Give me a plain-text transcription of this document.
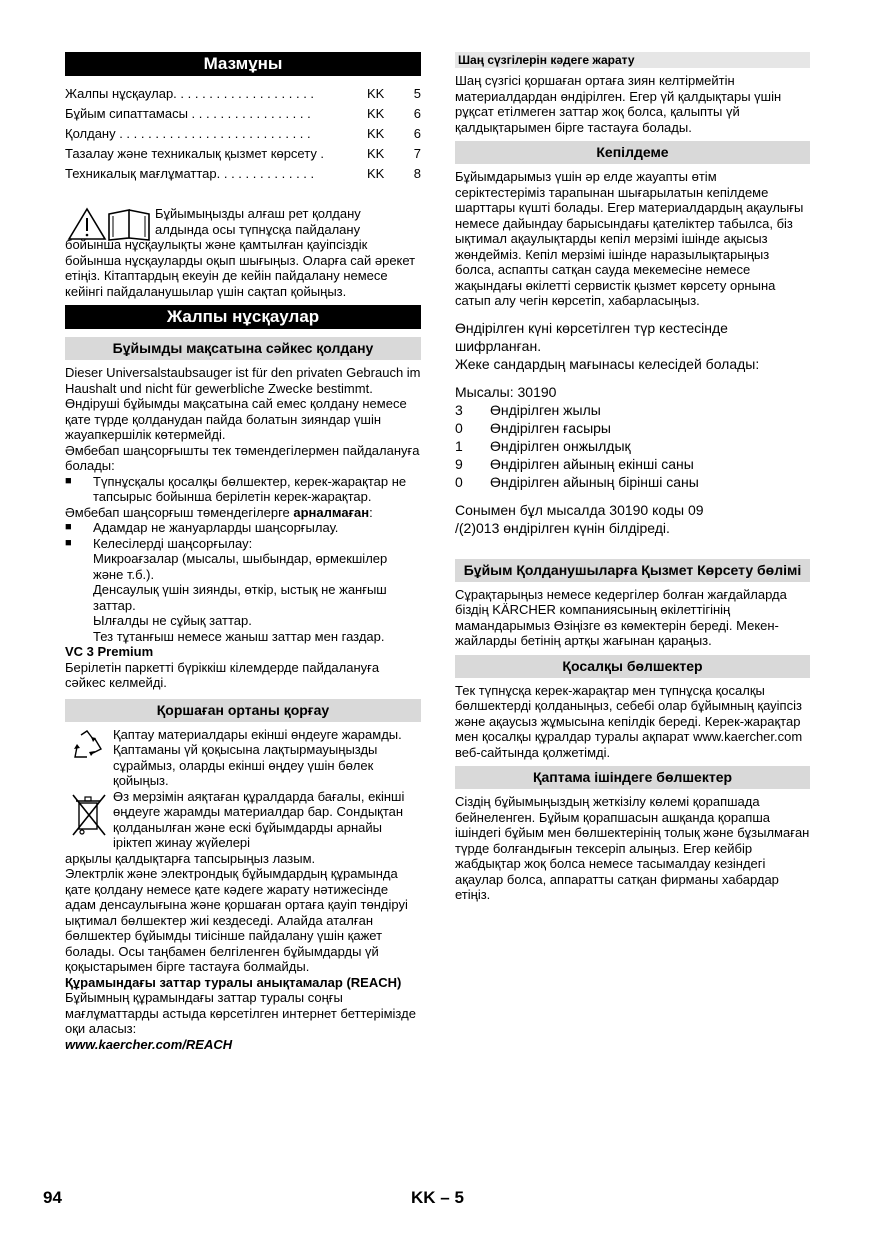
Мазмұны
Жалпы нұсқаулар. . . . . . . . . . . . . . . . . . . .	KK	5
Бұйым сипаттамасы . . . . . . . . . . . . . . . . .	KK	6
Қолдану . . . . . . . . . . . . . . . . . . . . . . . . . . .	KK	6
Тазалау және техникалық қызмет көрсету .	KK	7
Техникалық мағлұматтар. . . . . . . . . . . . . .	KK	8

Бұйымыңызды алғаш рет қолдану

алдында осы түпнұсқа пайдалану

бойынша нұсқаулықты және қамтылған қауіпсіздік бойынша нұсқауларды оқып шығыңыз. Оларға сай әрекет етіңіз. Кітаптардың екеуін де кейін пайдалану немесе кейінгі пайдаланушылар үшін сақтап қойыңыз.

Жалпы нұсқаулар
Бұйымды мақсатына сәйкес қолдану

Dieser Universalstaubsauger ist für den privaten Gebrauch im Haushalt und nicht für gewerbliche Zwecke bestimmt.

Өндіруші бұйымды мақсатына сай емес қолдану немесе қате түрде қолданудан пайда болатын зияндар үшін жауапкершілік көтермейді.

Әмбебап шаңсорғышты тек төмендегілермен пайдалануға болады:

■	Түпнұсқалы қосалқы бөлшектер, керек-жарақтар не тапсырыс бойынша берілетін керек-жарақтар.

Әмбебап шаңсорғыш төмендегілерге арналмаған:

■	Адамдар не жануарларды шаңсорғылау.
■	Келесілерді шаңсорғылау:

Микроағзалар (мысалы, шыбындар, өрмекшілер және т.б.).

Денсаулық үшін зиянды, өткір, ыстық не жанғыш заттар.

Ылғалды не сұйық заттар.

Тез тұтанғыш немесе жаныш заттар мен газдар.

VC 3 Premium

Берілетін паркетті бүріккіш кілемдерде пайдалануға сәйкес келмейді.

Қоршаған ортаны қорғау

Қаптау материалдары екінші өндеуге жарамды. Қаптаманы үй қоқысына лақтырмауыңызды сұраймыз, оларды екінші өңдеу үшін бөлек қойыңыз.

Өз мерзімін аяқтаған құралдарда бағалы, екінші өңдеуге жарамды материалдар бар. Сондықтан қолданылған және ескі бұйымдарды арнайы іріктеп жинау жүйелері

арқылы қалдықтарға тапсырыңыз лазым.

Электрлік және электрондық бұйымдардың құрамында қате қолдану немесе қате кәдеге жарату нәтижесінде адам денсаулығына және қоршаған ортаға қауіп төндіруі ықтимал бөлшектер жиі кездеседі. Алайда аталған бөлшектер бұйымды тиісінше пайдалану үшін қажет болады. Осы таңбамен белгіленген бұйымдарды үй қоқыстарымен бірге тастауға болмайды.

Құрамындағы заттар туралы анықтамалар (REACH)

Бұйымның құрамындағы заттар туралы соңғы мағлұматтарды астыда көрсетілген интернет беттерімізде оқи аласыз:

www.kaercher.com/REACH

Шаң сүзгілерін кәдеге жарату

Шаң сүзгісі қоршаған ортаға зиян келтірмейтін материалдардан өндірілген. Егер үй қалдықтары үшін рұқсат етілмеген заттар жоқ болса, қалыпты үй қалдықтарымен бірге тастауға болады.

Кепілдеме

Бұйымдарымыз үшін әр елде жауапты өтім серіктестеріміз тарапынан шығарылатын кепілдеме шарттары күшті болады. Егер материалдардың ақаулығы немесе дайындау барысындағы қателіктер табылса, біз ықтимал ақаулықтарды кепіл мерзімі ішінде ақысыз жөндейміз. Кепіл мерзімі ішінде наразылықтарыңыз болса, аспапты сатқан сауда мекемесіне немесе жақындағы өкілетті сервистік қызмет көрсету орнына сатып алу чегін көрсетіп, хабарласыңыз.

Өндірілген күні көрсетілген түр кестесінде шифрланған.

Жеке сандардың мағынасы келесідей болады:

Мысалы: 30190

3	Өндірілген жылы
0	Өндірілген ғасыры
1	Өндірілген онжылдық
9	Өндірілген айының екінші саны
0	Өндірілген айының бірінші саны

Сонымен бұл мысалда 30190 коды 09 /(2)013 өндірілген күнін білдіреді.

Бұйым Қолданушыларға Қызмет Көрсету бөлімі

Сұрақтарыңыз немесе кедергілер болған жағдайларда біздің KÄRCHER компаниясының өкілеттігінің мамандарымыз Өзіңізге өз көмектерін береді. Мекен-жайларды бетінің артқы жағынан қараңыз.

Қосалқы бөлшектер

Тек түпнұсқа керек-жарақтар мен түпнұсқа қосалқы бөлшектерді қолданыңыз, себебі олар бұйымның қауіпсіз және ақаусыз жұмысына кепілдік береді. Керек-жарақтар мен қосалқы құралдар туралы ақпарат www.kaercher.com веб-сайтында қолжетімді.

Қаптама ішіндеге бөлшектер

Сіздің бұйымыңыздың жеткізілу көлемі қорапшада бейнеленген. Бұйым қорапшасын ашқанда қорапша ішіндегі бұйым мен бөлшектерінің толық және бұзылмаған түрде болғандығын тексеріп алыңыз. Егер кейбір жабдықтар жоқ болса немесе тасымалдау кезіндегі ақаулар болса, аппаратты сатқан фирманы хабардар етіңіз.

94	KK – 5
